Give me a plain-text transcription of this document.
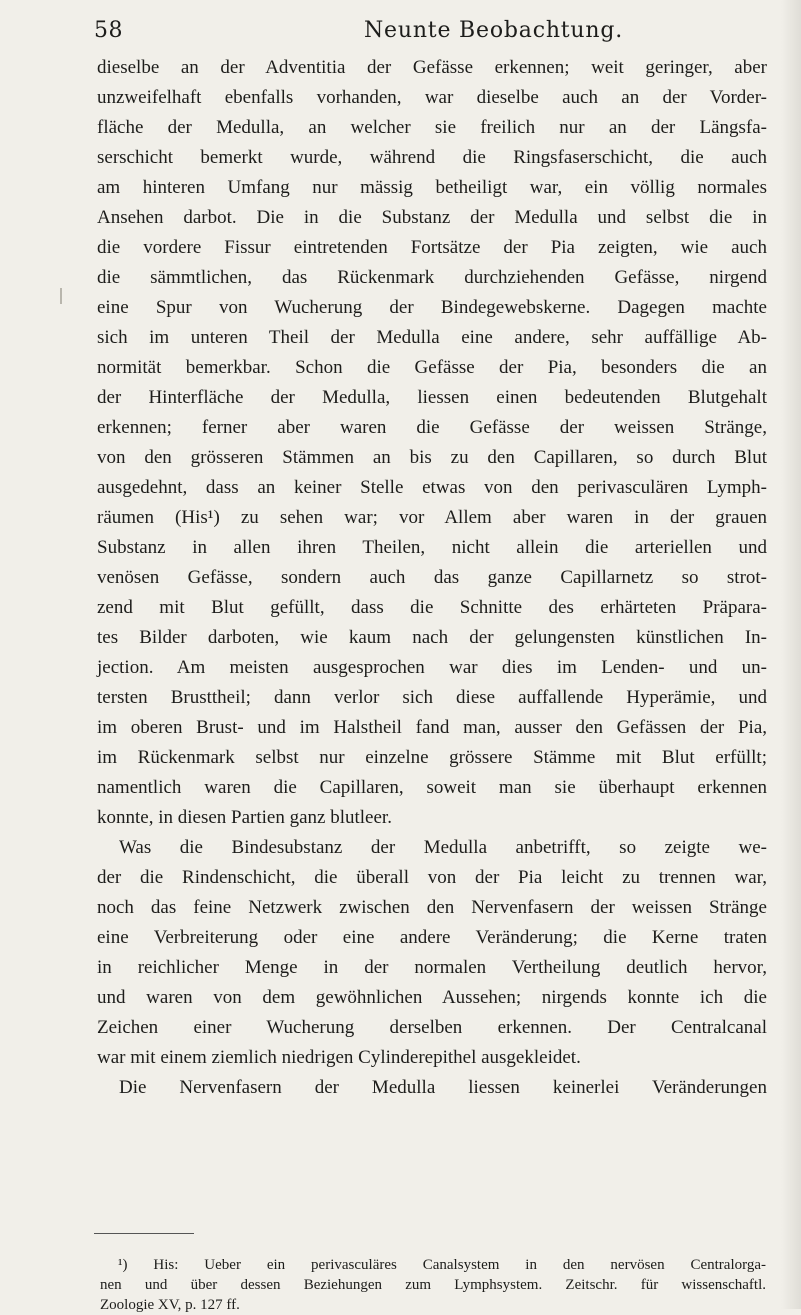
58	Neunte Beobachtung.
dieselbe an der Adventitia der Gefässe erkennen; weit geringer, aber
unzweifelhaft ebenfalls vorhanden, war dieselbe auch an der Vorder-
fläche der Medulla, an welcher sie freilich nur an der Längsfa-
serschicht bemerkt wurde, während die Ringsfaserschicht, die auch
am hinteren Umfang nur mässig betheiligt war, ein völlig normales
Ansehen darbot. Die in die Substanz der Medulla und selbst die in
die vordere Fissur eintretenden Fortsätze der Pia zeigten, wie auch
die sämmtlichen, das Rückenmark durchziehenden Gefässe, nirgend
eine Spur von Wucherung der Bindegewebskerne. Dagegen machte
sich im unteren Theil der Medulla eine andere, sehr auffällige Ab-
normität bemerkbar. Schon die Gefässe der Pia, besonders die an
der Hinterfläche der Medulla, liessen einen bedeutenden Blutgehalt
erkennen; ferner aber waren die Gefässe der weissen Stränge,
von den grösseren Stämmen an bis zu den Capillaren, so durch Blut
ausgedehnt, dass an keiner Stelle etwas von den perivasculären Lymph-
räumen (His¹) zu sehen war; vor Allem aber waren in der grauen
Substanz in allen ihren Theilen, nicht allein die arteriellen und
venösen Gefässe, sondern auch das ganze Capillarnetz so strot-
zend mit Blut gefüllt, dass die Schnitte des erhärteten Präpara-
tes Bilder darboten, wie kaum nach der gelungensten künstlichen In-
jection. Am meisten ausgesprochen war dies im Lenden- und un-
tersten Brusttheil; dann verlor sich diese auffallende Hyperämie, und
im oberen Brust- und im Halstheil fand man, ausser den Gefässen der Pia,
im Rückenmark selbst nur einzelne grössere Stämme mit Blut erfüllt;
namentlich waren die Capillaren, soweit man sie überhaupt erkennen
konnte, in diesen Partien ganz blutleer.
Was die Bindesubstanz der Medulla anbetrifft, so zeigte we-
der die Rindenschicht, die überall von der Pia leicht zu trennen war,
noch das feine Netzwerk zwischen den Nervenfasern der weissen Stränge
eine Verbreiterung oder eine andere Veränderung; die Kerne traten
in reichlicher Menge in der normalen Vertheilung deutlich hervor,
und waren von dem gewöhnlichen Aussehen; nirgends konnte ich die
Zeichen einer Wucherung derselben erkennen. Der Centralcanal
war mit einem ziemlich niedrigen Cylinderepithel ausgekleidet.
Die Nervenfasern der Medulla liessen keinerlei Veränderungen
¹) His: Ueber ein perivasculäres Canalsystem in den nervösen Centralorga-
nen und über dessen Beziehungen zum Lymphsystem. Zeitschr. für wissenschaftl.
Zoologie XV, p. 127 ff.
